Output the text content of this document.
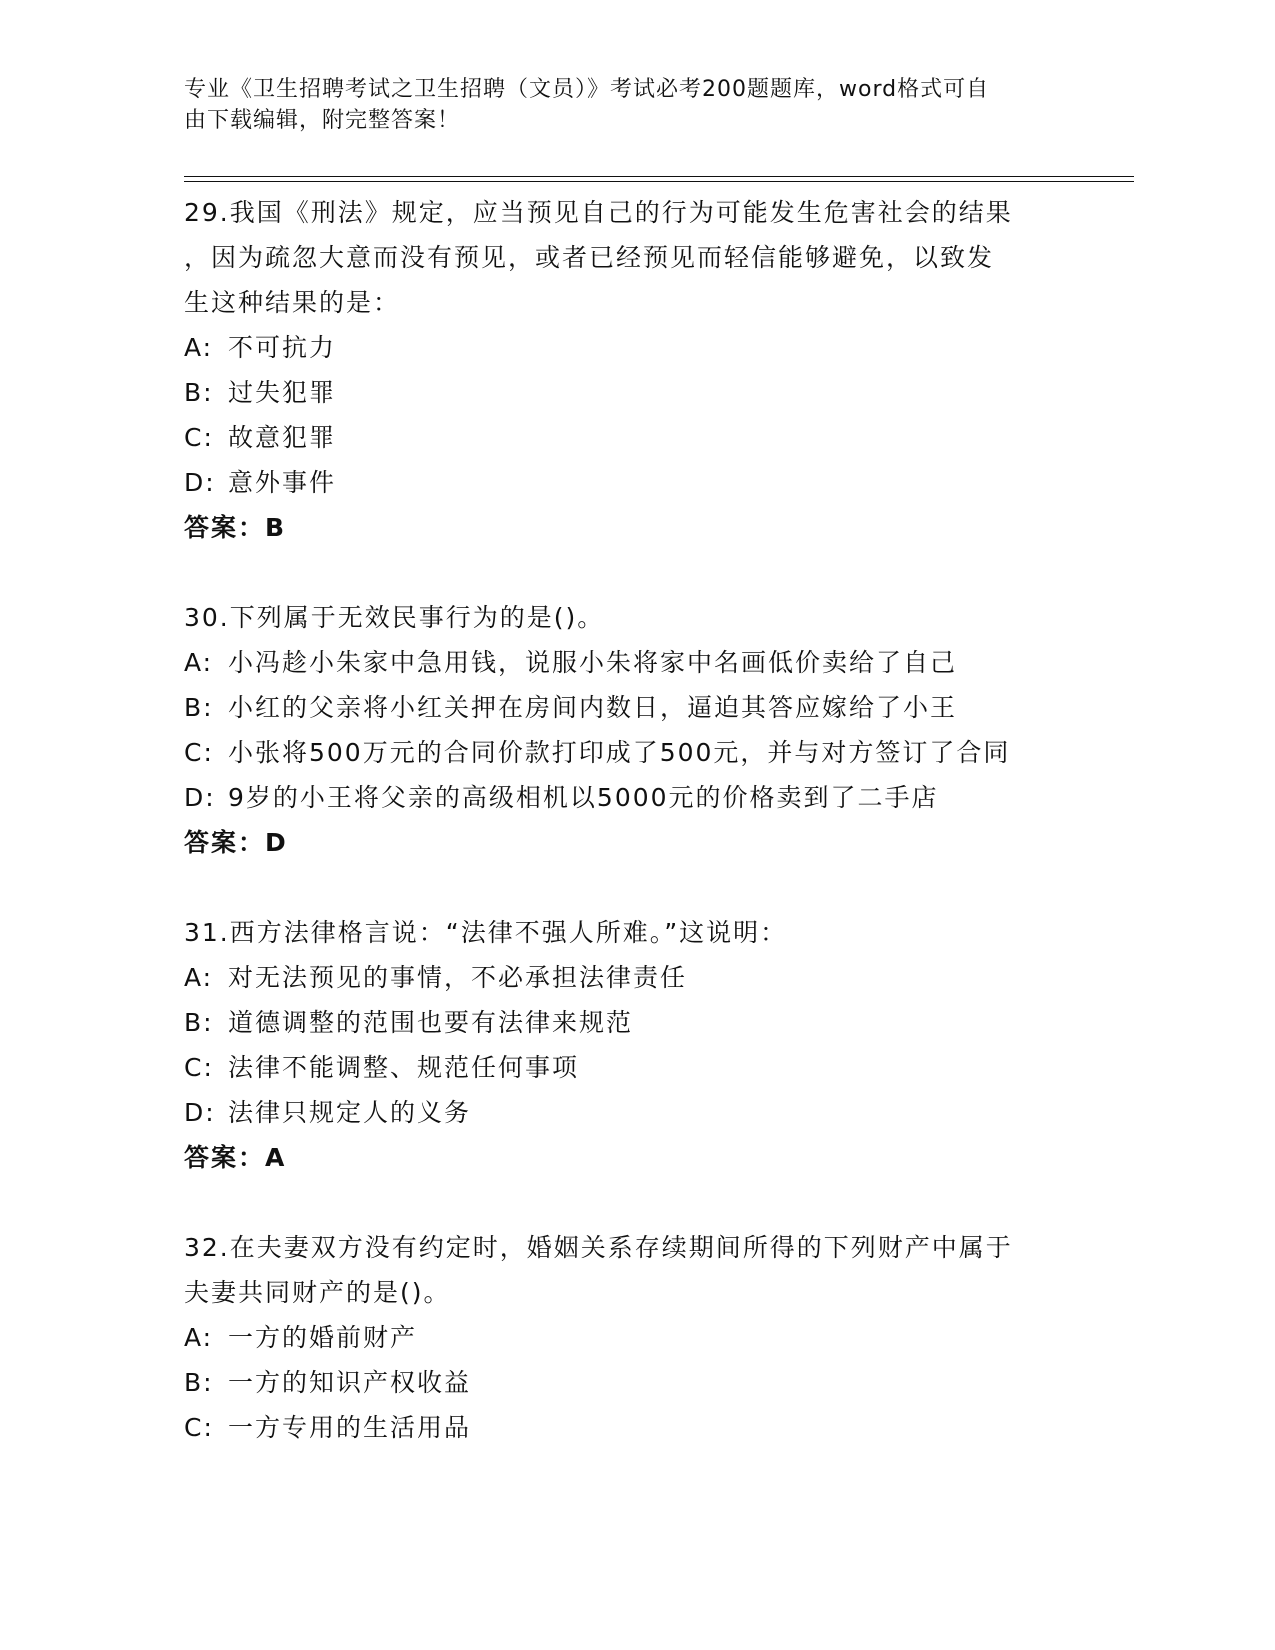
专业《卫生招聘考试之卫生招聘（文员）》考试必考200题题库，word格式可自
由下载编辑，附完整答案！
29.我国《刑法》规定，应当预见自己的行为可能发生危害社会的结果
，因为疏忽大意而没有预见，或者已经预见而轻信能够避免，以致发
生这种结果的是：
A: 不可抗力
B: 过失犯罪
C: 故意犯罪
D: 意外事件
答案：B
30.下列属于无效民事行为的是()。
A: 小冯趁小朱家中急用钱，说服小朱将家中名画低价卖给了自己
B: 小红的父亲将小红关押在房间内数日，逼迫其答应嫁给了小王
C: 小张将500万元的合同价款打印成了500元，并与对方签订了合同
D: 9岁的小王将父亲的高级相机以5000元的价格卖到了二手店
答案：D
31.西方法律格言说：“法律不强人所难。”这说明：
A: 对无法预见的事情，不必承担法律责任
B: 道德调整的范围也要有法律来规范
C: 法律不能调整、规范任何事项
D: 法律只规定人的义务
答案：A
32.在夫妻双方没有约定时，婚姻关系存续期间所得的下列财产中属于
夫妻共同财产的是()。
A: 一方的婚前财产
B: 一方的知识产权收益
C: 一方专用的生活用品
